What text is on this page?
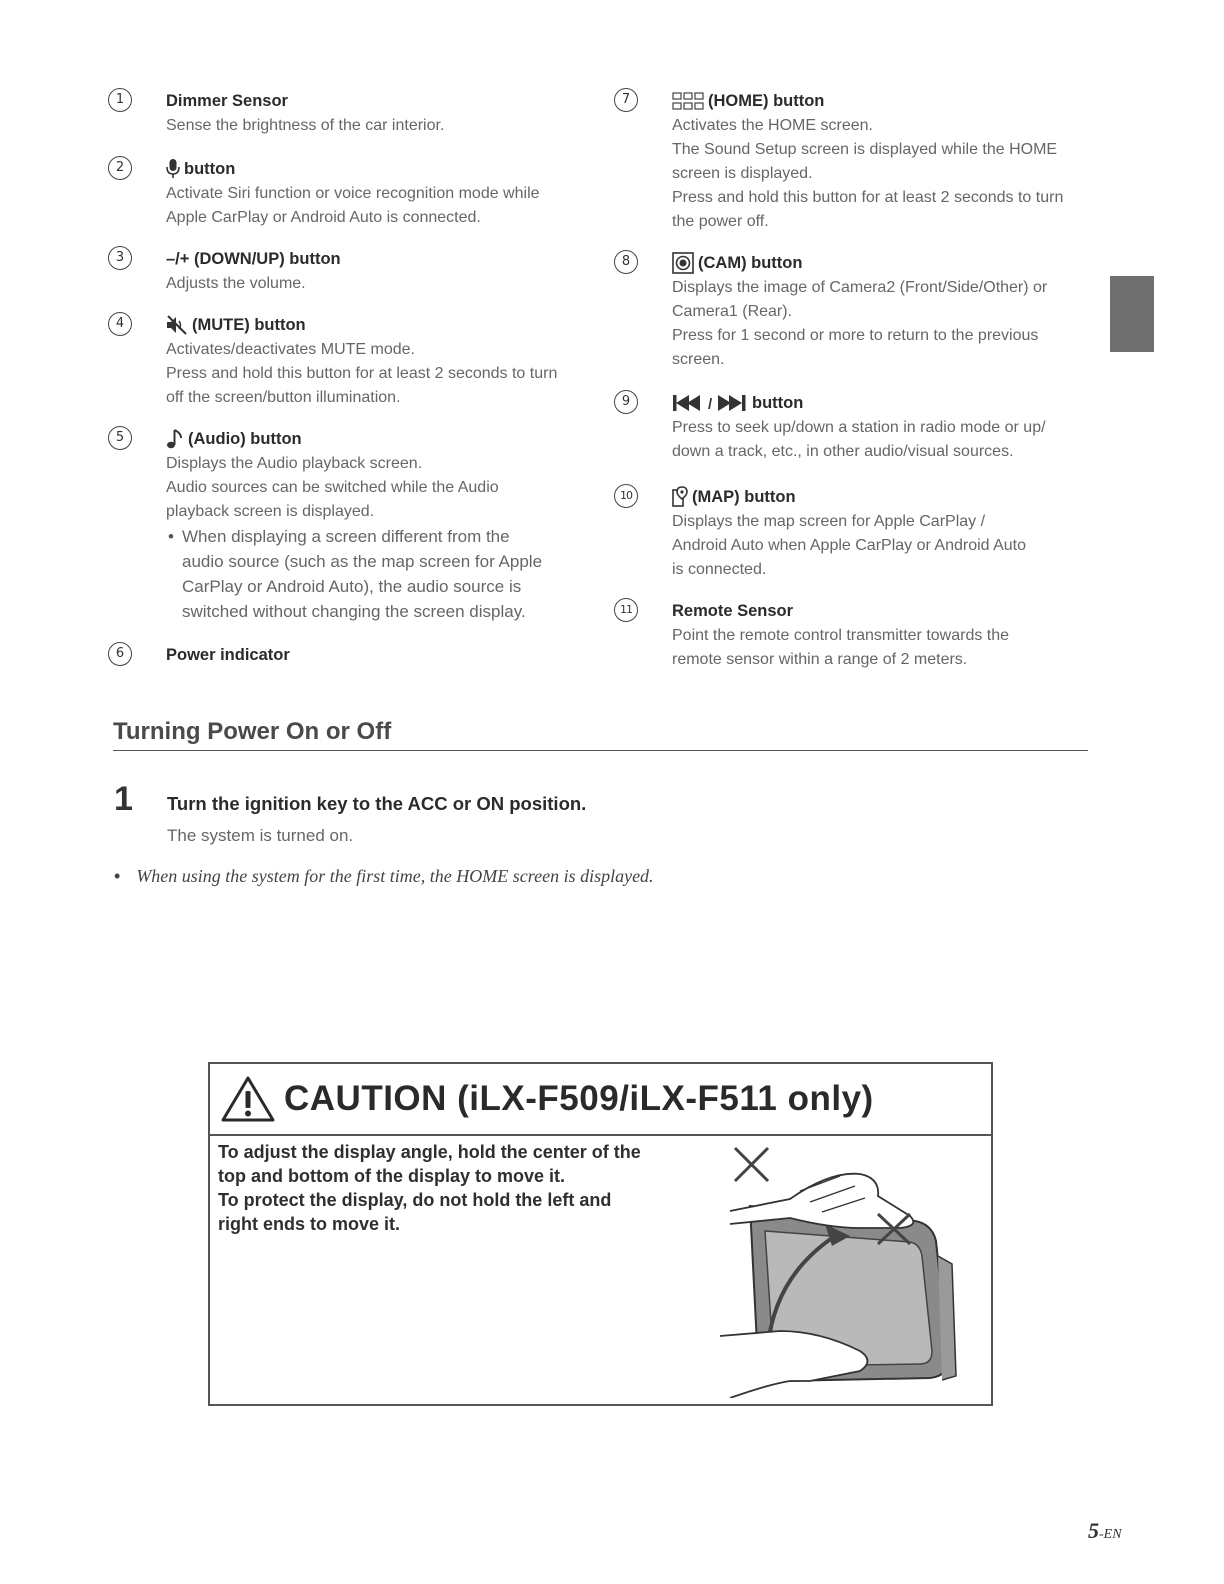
1	Dimmer Sensor
Sense the brightness of the car interior.
2	button
Activate Siri function or voice recognition mode while
Apple CarPlay or Android Auto is connected.
3	–/+ (DOWN/UP) button
Adjusts the volume.
4	(MUTE) button
Activates/deactivates MUTE mode.
Press and hold this button for at least 2 seconds to turn
off the screen/button illumination.
5	(Audio) button
Displays the Audio playback screen.
Audio sources can be switched while the Audio
playback screen is displayed.
• When displaying a screen different from the
audio source (such as the map screen for Apple
CarPlay or Android Auto), the audio source is
switched without changing the screen display.
6	Power indicator
7	(HOME) button
Activates the HOME screen.
The Sound Setup screen is displayed while the HOME
screen is displayed.
Press and hold this button for at least 2 seconds to turn
the power off.
8	(CAM) button
Displays the image of Camera2 (Front/Side/Other) or
Camera1 (Rear).
Press for 1 second or more to return to the previous
screen.
9	/ button
Press to seek up/down a station in radio mode or up/
down a track, etc., in other audio/visual sources.
10	(MAP) button
Displays the map screen for Apple CarPlay /
Android Auto when Apple CarPlay or Android Auto
is connected.
11	Remote Sensor
Point the remote control transmitter towards the
remote sensor within a range of 2 meters.
Turning Power On or Off
1 Turn the ignition key to the ACC or ON position.
The system is turned on.
• When using the system for the first time, the HOME screen is displayed.
CAUTION (iLX-F509/iLX-F511 only)
To adjust the display angle, hold the center of the
top and bottom of the display to move it.
To protect the display, do not hold the left and
right ends to move it.
5-EN
